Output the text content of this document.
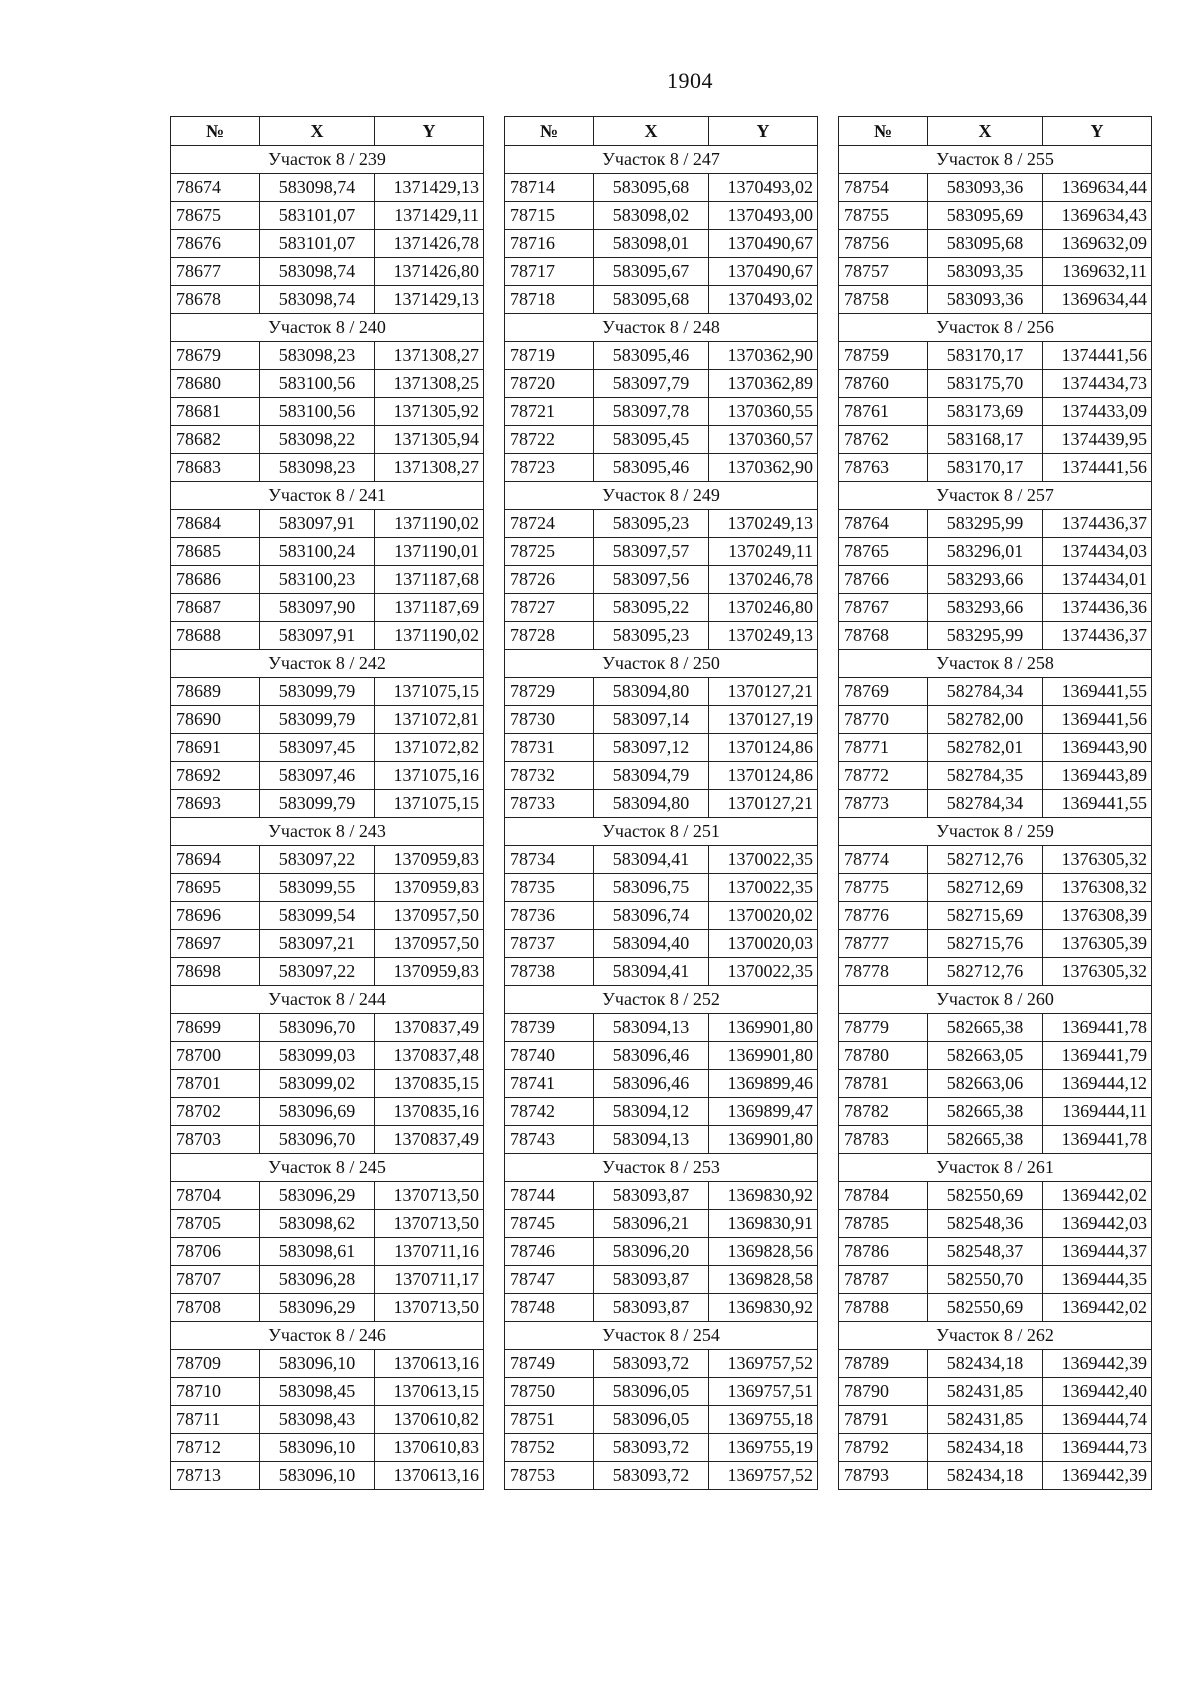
1904
№	X	Y
Участок 8 / 239		
78674	583098,74	1371429,13
78675	583101,07	1371429,11
78676	583101,07	1371426,78
78677	583098,74	1371426,80
78678	583098,74	1371429,13
Участок 8 / 240		
78679	583098,23	1371308,27
78680	583100,56	1371308,25
78681	583100,56	1371305,92
78682	583098,22	1371305,94
78683	583098,23	1371308,27
Участок 8 / 241		
78684	583097,91	1371190,02
78685	583100,24	1371190,01
78686	583100,23	1371187,68
78687	583097,90	1371187,69
78688	583097,91	1371190,02
Участок 8 / 242		
78689	583099,79	1371075,15
78690	583099,79	1371072,81
78691	583097,45	1371072,82
78692	583097,46	1371075,16
78693	583099,79	1371075,15
Участок 8 / 243		
78694	583097,22	1370959,83
78695	583099,55	1370959,83
78696	583099,54	1370957,50
78697	583097,21	1370957,50
78698	583097,22	1370959,83
Участок 8 / 244		
78699	583096,70	1370837,49
78700	583099,03	1370837,48
78701	583099,02	1370835,15
78702	583096,69	1370835,16
78703	583096,70	1370837,49
Участок 8 / 245		
78704	583096,29	1370713,50
78705	583098,62	1370713,50
78706	583098,61	1370711,16
78707	583096,28	1370711,17
78708	583096,29	1370713,50
Участок 8 / 246		
78709	583096,10	1370613,16
78710	583098,45	1370613,15
78711	583098,43	1370610,82
78712	583096,10	1370610,83
78713	583096,10	1370613,16
№	X	Y
Участок 8 / 247		
78714	583095,68	1370493,02
78715	583098,02	1370493,00
78716	583098,01	1370490,67
78717	583095,67	1370490,67
78718	583095,68	1370493,02
Участок 8 / 248		
78719	583095,46	1370362,90
78720	583097,79	1370362,89
78721	583097,78	1370360,55
78722	583095,45	1370360,57
78723	583095,46	1370362,90
Участок 8 / 249		
78724	583095,23	1370249,13
78725	583097,57	1370249,11
78726	583097,56	1370246,78
78727	583095,22	1370246,80
78728	583095,23	1370249,13
Участок 8 / 250		
78729	583094,80	1370127,21
78730	583097,14	1370127,19
78731	583097,12	1370124,86
78732	583094,79	1370124,86
78733	583094,80	1370127,21
Участок 8 / 251		
78734	583094,41	1370022,35
78735	583096,75	1370022,35
78736	583096,74	1370020,02
78737	583094,40	1370020,03
78738	583094,41	1370022,35
Участок 8 / 252		
78739	583094,13	1369901,80
78740	583096,46	1369901,80
78741	583096,46	1369899,46
78742	583094,12	1369899,47
78743	583094,13	1369901,80
Участок 8 / 253		
78744	583093,87	1369830,92
78745	583096,21	1369830,91
78746	583096,20	1369828,56
78747	583093,87	1369828,58
78748	583093,87	1369830,92
Участок 8 / 254		
78749	583093,72	1369757,52
78750	583096,05	1369757,51
78751	583096,05	1369755,18
78752	583093,72	1369755,19
78753	583093,72	1369757,52
№	X	Y
Участок 8 / 255		
78754	583093,36	1369634,44
78755	583095,69	1369634,43
78756	583095,68	1369632,09
78757	583093,35	1369632,11
78758	583093,36	1369634,44
Участок 8 / 256		
78759	583170,17	1374441,56
78760	583175,70	1374434,73
78761	583173,69	1374433,09
78762	583168,17	1374439,95
78763	583170,17	1374441,56
Участок 8 / 257		
78764	583295,99	1374436,37
78765	583296,01	1374434,03
78766	583293,66	1374434,01
78767	583293,66	1374436,36
78768	583295,99	1374436,37
Участок 8 / 258		
78769	582784,34	1369441,55
78770	582782,00	1369441,56
78771	582782,01	1369443,90
78772	582784,35	1369443,89
78773	582784,34	1369441,55
Участок 8 / 259		
78774	582712,76	1376305,32
78775	582712,69	1376308,32
78776	582715,69	1376308,39
78777	582715,76	1376305,39
78778	582712,76	1376305,32
Участок 8 / 260		
78779	582665,38	1369441,78
78780	582663,05	1369441,79
78781	582663,06	1369444,12
78782	582665,38	1369444,11
78783	582665,38	1369441,78
Участок 8 / 261		
78784	582550,69	1369442,02
78785	582548,36	1369442,03
78786	582548,37	1369444,37
78787	582550,70	1369444,35
78788	582550,69	1369442,02
Участок 8 / 262		
78789	582434,18	1369442,39
78790	582431,85	1369442,40
78791	582431,85	1369444,74
78792	582434,18	1369444,73
78793	582434,18	1369442,39
